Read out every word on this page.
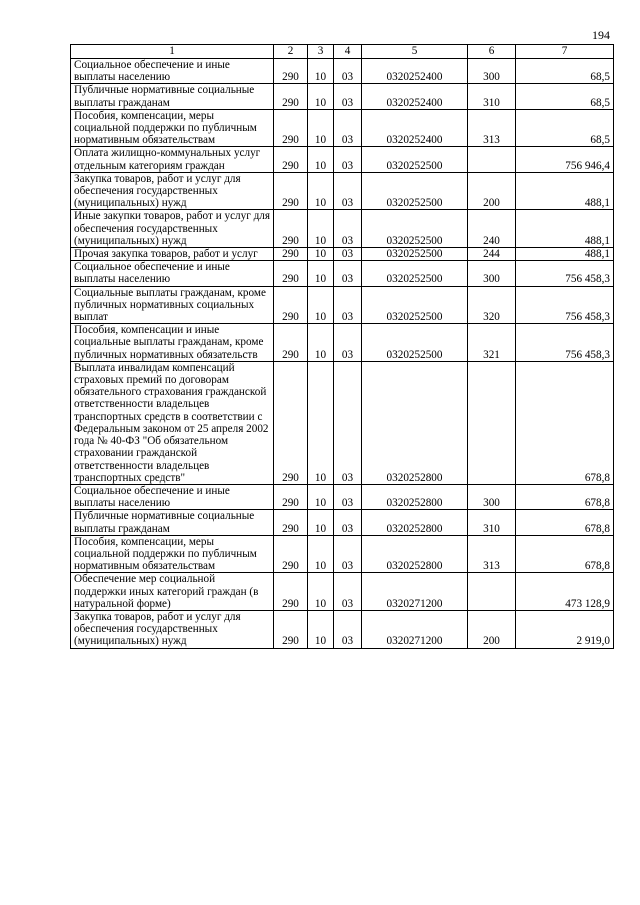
194
1	2	3	4	5	6	7
Социальное обеспечение и иные выплаты населению	290	10	03	0320252400	300	68,5
Публичные нормативные социальные выплаты гражданам	290	10	03	0320252400	310	68,5
Пособия, компенсации, меры социальной поддержки по публичным нормативным обязательствам	290	10	03	0320252400	313	68,5
Оплата жилищно-коммунальных услуг отдельным категориям граждан	290	10	03	0320252500		756 946,4
Закупка товаров, работ и услуг для обеспечения государственных (муниципальных) нужд	290	10	03	0320252500	200	488,1
Иные закупки товаров, работ и услуг для обеспечения государственных (муниципальных) нужд	290	10	03	0320252500	240	488,1
Прочая закупка товаров, работ и услуг	290	10	03	0320252500	244	488,1
Социальное обеспечение и иные выплаты населению	290	10	03	0320252500	300	756 458,3
Социальные выплаты гражданам, кроме публичных нормативных социальных выплат	290	10	03	0320252500	320	756 458,3
Пособия, компенсации и иные социальные выплаты гражданам, кроме публичных нормативных обязательств	290	10	03	0320252500	321	756 458,3
Выплата инвалидам компенсаций страховых премий по договорам обязательного страхования гражданской ответственности владельцев транспортных средств в соответствии с Федеральным законом от 25 апреля 2002 года № 40-ФЗ "Об обязательном страховании гражданской ответственности владельцев транспортных средств"	290	10	03	0320252800		678,8
Социальное обеспечение и иные выплаты населению	290	10	03	0320252800	300	678,8
Публичные нормативные социальные выплаты гражданам	290	10	03	0320252800	310	678,8
Пособия, компенсации, меры социальной поддержки по публичным нормативным обязательствам	290	10	03	0320252800	313	678,8
Обеспечение мер социальной поддержки иных категорий граждан (в натуральной форме)	290	10	03	0320271200		473 128,9
Закупка товаров, работ и услуг для обеспечения государственных (муниципальных) нужд	290	10	03	0320271200	200	2 919,0
